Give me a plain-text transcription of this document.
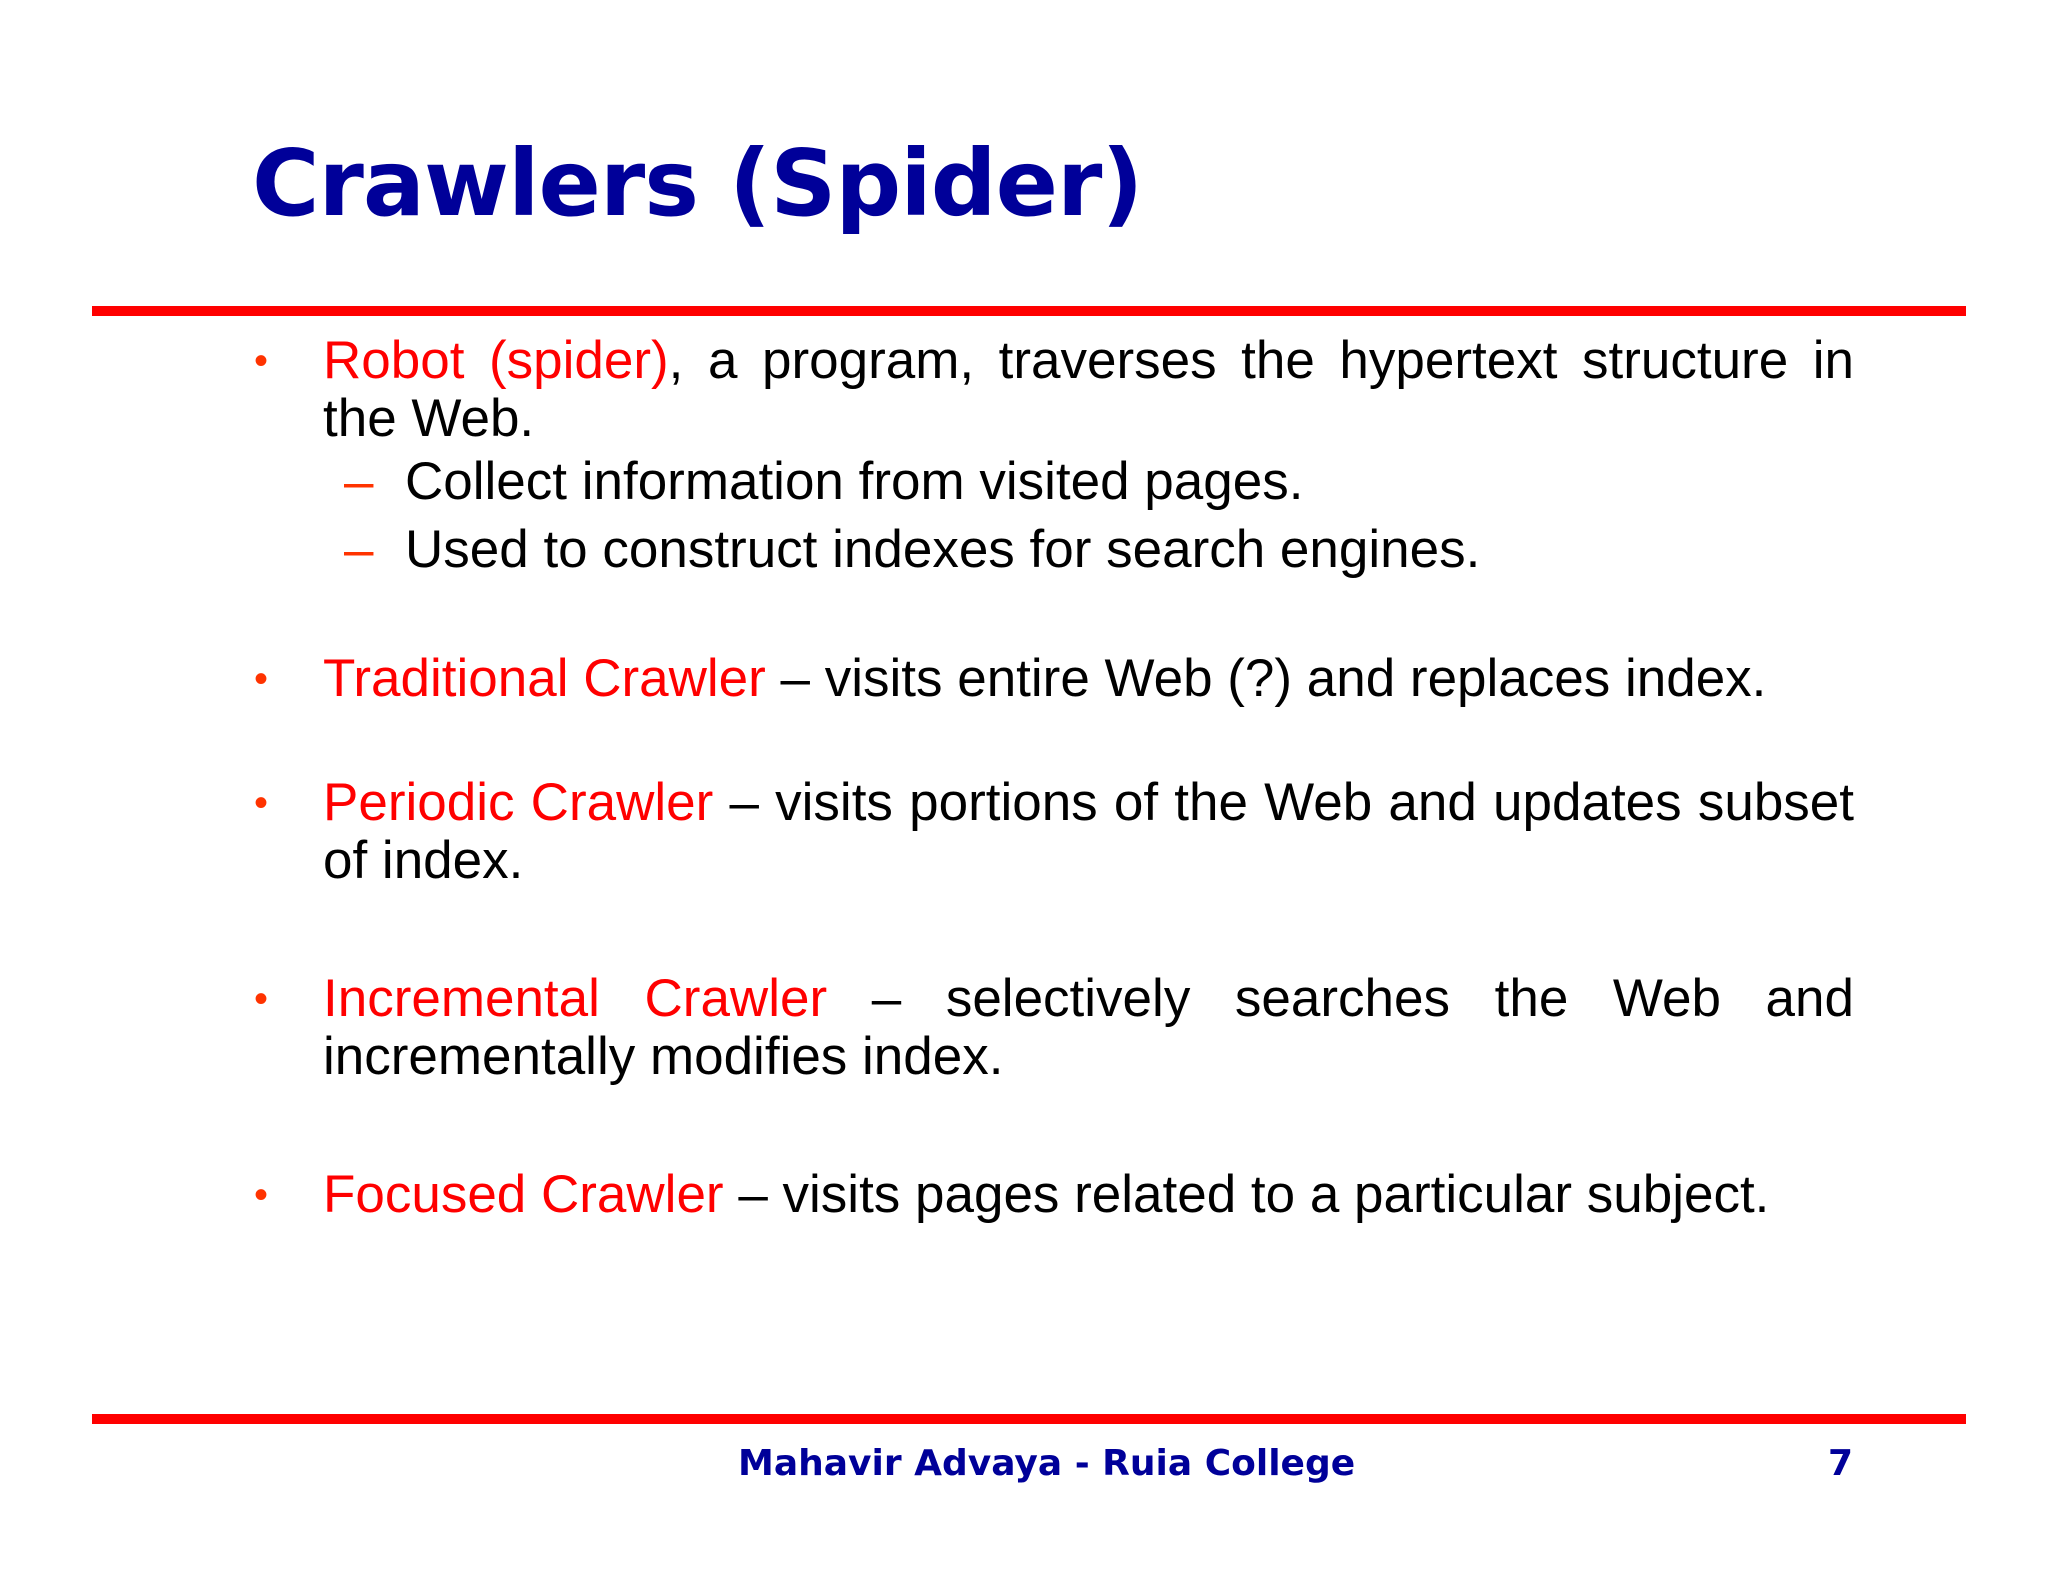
Crawlers (Spider)
• Robot (spider), a program, traverses the hypertext structure in the Web.
– Collect information from visited pages.
– Used to construct indexes for search engines.
• Traditional Crawler – visits entire Web (?) and replaces index.
• Periodic Crawler – visits portions of the Web and updates subset of index.
• Incremental Crawler – selectively searches the Web and incrementally modifies index.
• Focused Crawler – visits pages related to a particular subject.
Mahavir Advaya - Ruia College	7
